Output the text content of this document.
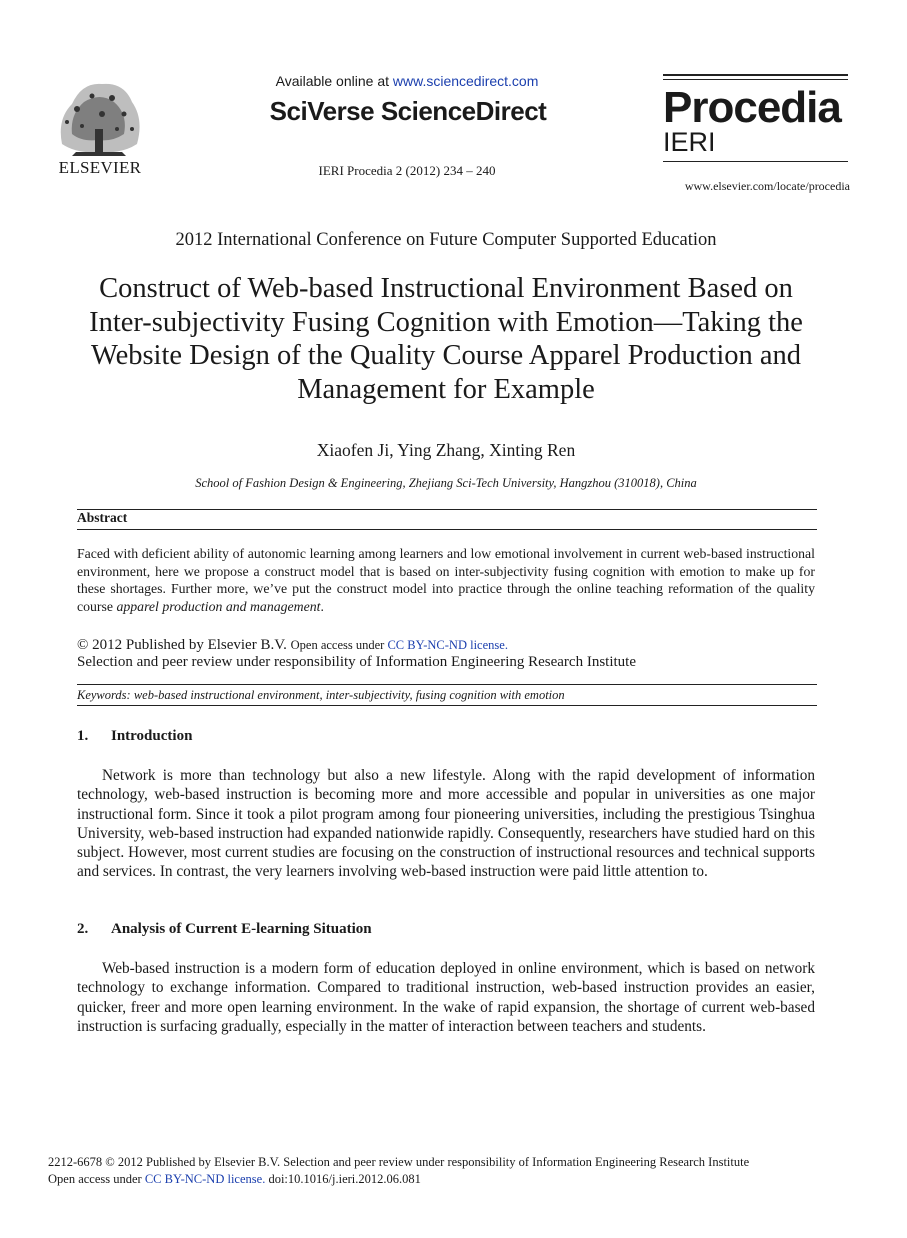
ELSEVIER
Available online at www.sciencedirect.com
SciVerse ScienceDirect
IERI Procedia 2 (2012) 234 – 240
Procedia
IERI
www.elsevier.com/locate/procedia
2012 International Conference on Future Computer Supported Education
Construct of Web-based Instructional Environment Based on
Inter-subjectivity Fusing Cognition with Emotion—Taking the
Website Design of the Quality Course Apparel Production and
Management for Example
Xiaofen Ji, Ying Zhang, Xinting Ren
School of Fashion Design & Engineering, Zhejiang Sci-Tech University, Hangzhou (310018), China
Abstract
Faced with deficient ability of autonomic learning among learners and low emotional involvement in current web-based instructional environment, here we propose a construct model that is based on inter-subjectivity fusing cognition with emotion to make up for these shortages. Further more, we’ve put the construct model into practice through the online teaching reformation of the quality course apparel production and management.
© 2012 Published by Elsevier B.V. Open access under CC BY-NC-ND license.
Selection and peer review under responsibility of Information Engineering Research Institute
Keywords: web-based instructional environment, inter-subjectivity, fusing cognition with emotion
1. Introduction
Network is more than technology but also a new lifestyle. Along with the rapid development of information technology, web-based instruction is becoming more and more accessible and popular in universities as one major instructional form. Since it took a pilot program among four pioneering universities, including the prestigious Tsinghua University, web-based instruction had expanded nationwide rapidly. Consequently, researchers have studied hard on this subject. However, most current studies are focusing on the construction of instructional resources and technical supports and services. In contrast, the very learners involving web-based instruction were paid little attention to.
2. Analysis of Current E-learning Situation
Web-based instruction is a modern form of education deployed in online environment, which is based on network technology to exchange information. Compared to traditional instruction, web-based instruction provides an easier, quicker, freer and more open learning environment. In the wake of rapid expansion, the shortage of current web-based instruction is surfacing gradually, especially in the matter of interaction between teachers and students.
2212-6678 © 2012 Published by Elsevier B.V. Selection and peer review under responsibility of Information Engineering Research Institute
Open access under CC BY-NC-ND license. doi:10.1016/j.ieri.2012.06.081
